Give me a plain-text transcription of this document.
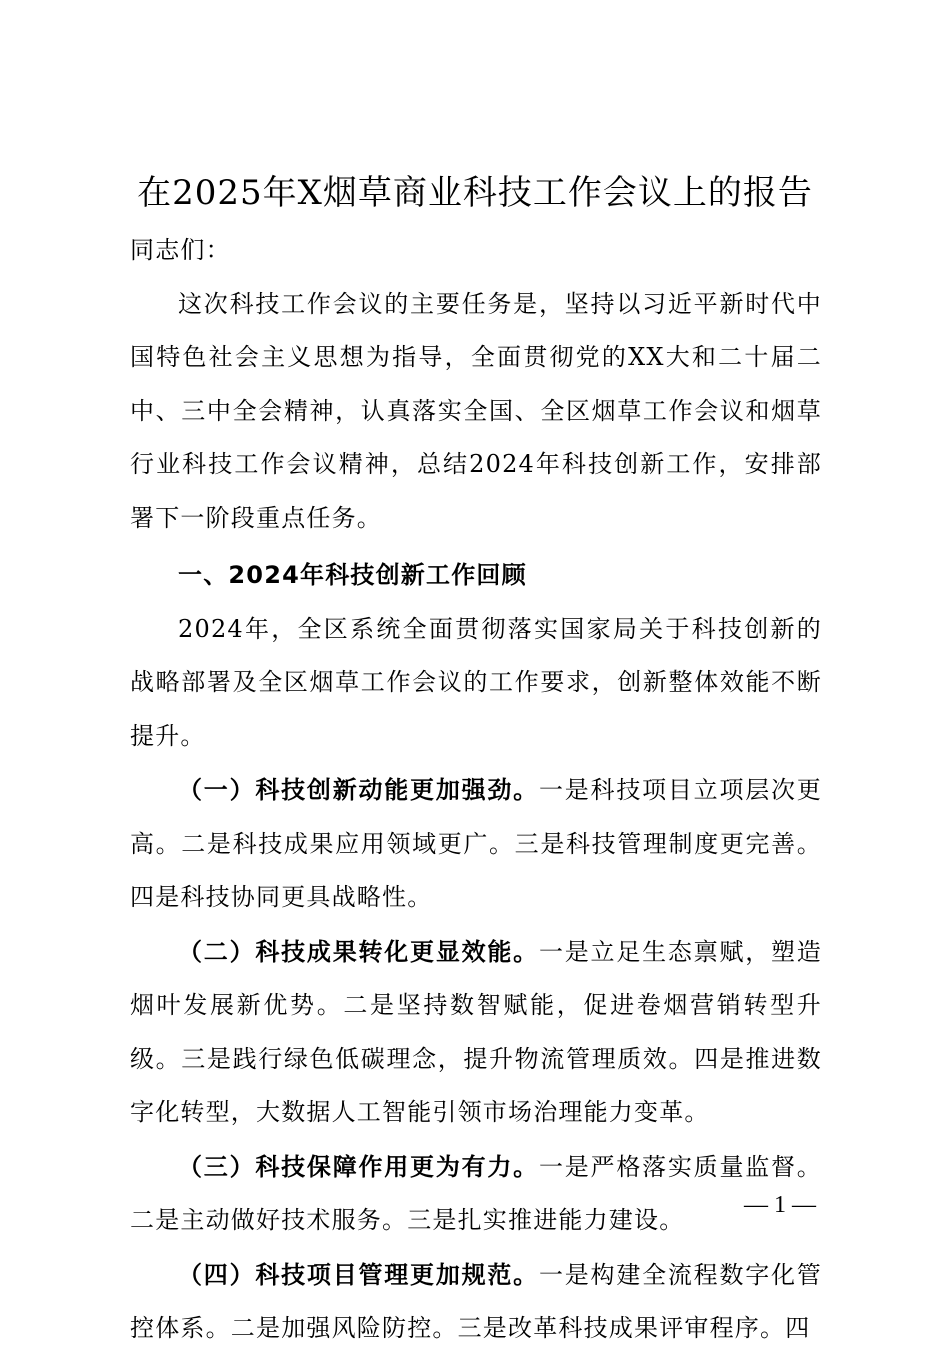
在2025年X烟草商业科技工作会议上的报告

同志们：

这次科技工作会议的主要任务是，坚持以习近平新时代中国特色社会主义思想为指导，全面贯彻党的XX大和二十届二中、三中全会精神，认真落实全国、全区烟草工作会议和烟草行业科技工作会议精神，总结2024年科技创新工作，安排部署下一阶段重点任务。

一、2024年科技创新工作回顾

2024年，全区系统全面贯彻落实国家局关于科技创新的战略部署及全区烟草工作会议的工作要求，创新整体效能不断提升。

（一）科技创新动能更加强劲。一是科技项目立项层次更高。二是科技成果应用领域更广。三是科技管理制度更完善。四是科技协同更具战略性。

（二）科技成果转化更显效能。一是立足生态禀赋，塑造烟叶发展新优势。二是坚持数智赋能，促进卷烟营销转型升级。三是践行绿色低碳理念，提升物流管理质效。四是推进数字化转型，大数据人工智能引领市场治理能力变革。

（三）科技保障作用更为有力。一是严格落实质量监督。二是主动做好技术服务。三是扎实推进能力建设。

（四）科技项目管理更加规范。一是构建全流程数字化管控体系。二是加强风险防控。三是改革科技成果评审程序。四

— 1 —
